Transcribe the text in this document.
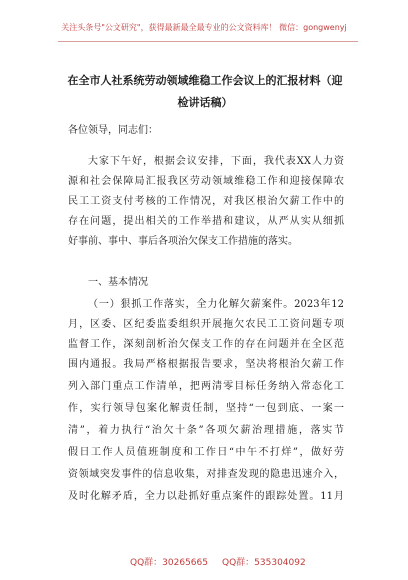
关注头条号"公文研究"，获得最新最全最专业的公文资料库！ 微信：gongwenyj
在全市人社系统劳动领域维稳工作会议上的汇报材料（迎
检讲话稿）
各位领导，同志们：
大家下午好，根据会议安排，下面，我代表XX人力资
源和社会保障局汇报我区劳动领域维稳工作和迎接保障农
民工工资支付考核的工作情况，对我区根治欠薪工作中的
存在问题，提出相关的工作举措和建议，从严从实从细抓
好事前、事中、事后各项治欠保支工作措施的落实。
一、基本情况
（一）狠抓工作落实，全力化解欠薪案件。2023年12
月，区委、区纪委监委组织开展拖欠农民工工资问题专项
监督工作，深刻剖析治欠保支工作的存在问题并在全区范
围内通报。我局严格根据报告要求，坚决将根治欠薪工作
列入部门重点工作清单，把两清零目标任务纳入常态化工
作，实行领导包案化解责任制，坚持“一包到底、一案一
清”，着力执行“治欠十条”各项欠薪治理措施，落实节
假日工作人员值班制度和工作日“中午不打烊”，做好劳
资领域突发事件的信息收集，对排查发现的隐患迅速介入，
及时化解矛盾，全力以赴抓好重点案件的跟踪处置。11月
QQ群：30265665 QQ群：535304092
